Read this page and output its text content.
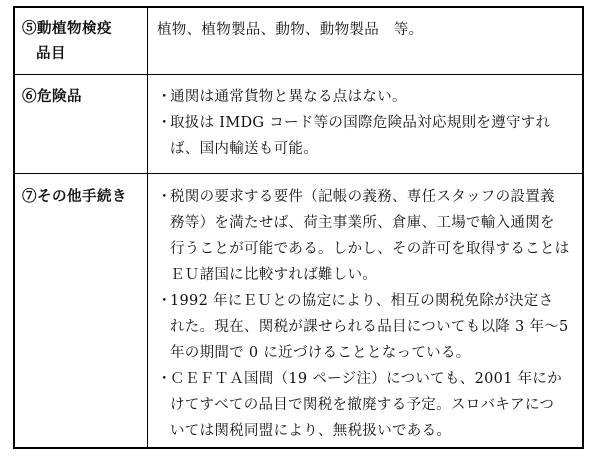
⑤動植物検疫
品目
植物、植物製品、動物、動物製品　等。
⑥危険品	・
通関は通常貨物と異なる点はない。
・
取扱は IMDG コード等の国際危険品対応規則を遵守すれ
ば、国内輸送も可能。
⑦その他手続き	・
税関の要求する要件（記帳の義務、専任スタッフの設置義
務等）を満たせば、荷主事業所、倉庫、工場で輸入通関を
行うことが可能である。しかし、その許可を取得することは
ＥＵ諸国に比較すれば難しい。
・
1992 年にＥＵとの協定により、相互の関税免除が決定さ
れた。現在、関税が課せられる品目についても以降 3 年～5
年の期間で 0 に近づけることとなっている。
・
ＣＥＦＴＡ国間（19 ページ注）についても、2001 年にか
けてすべての品目で関税を撤廃する予定。スロバキアにつ
いては関税同盟により、無税扱いである。
